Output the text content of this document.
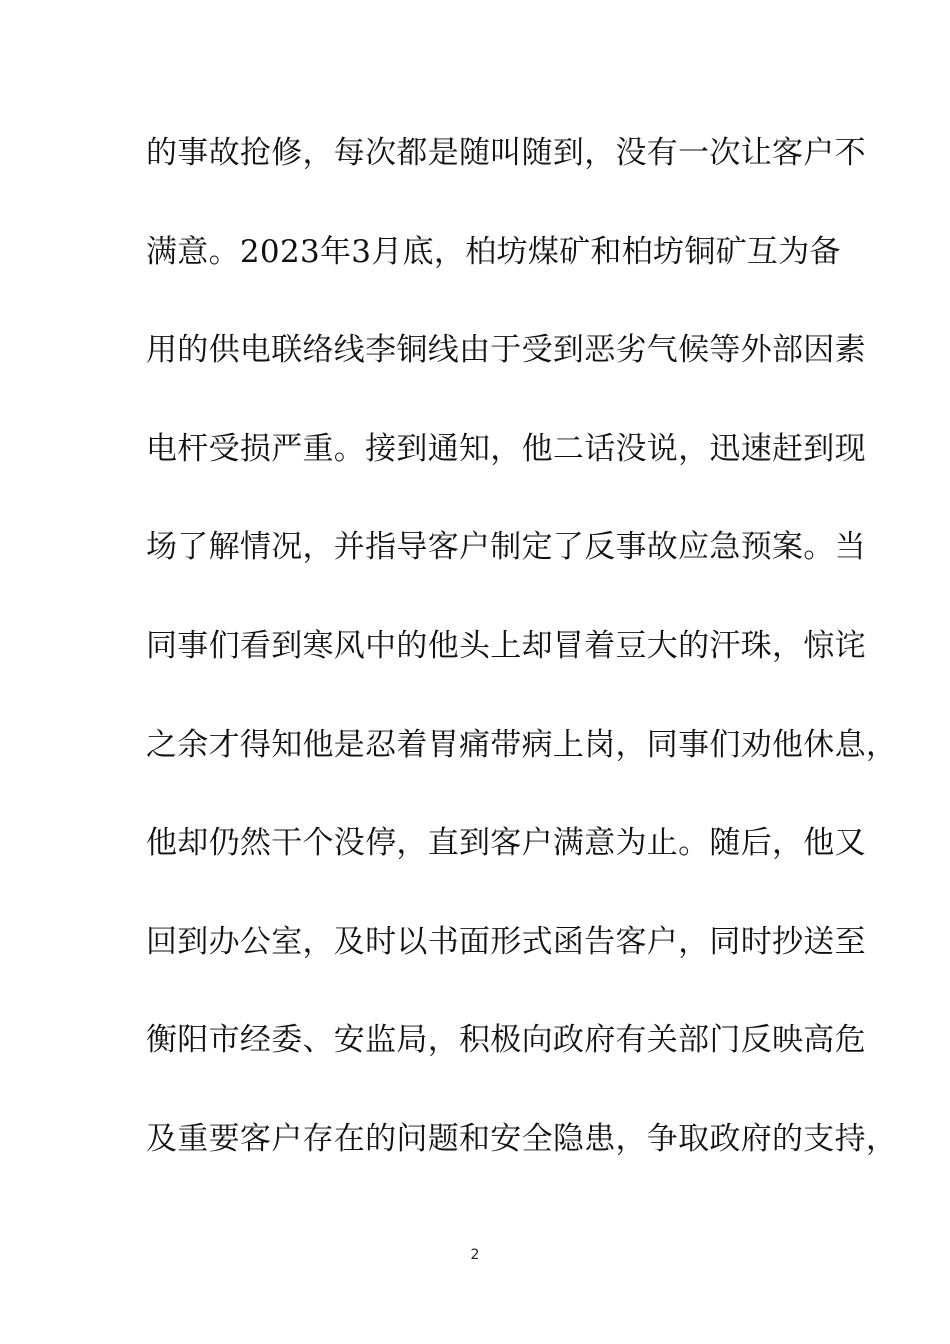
的事故抢修，每次都是随叫随到，没有一次让客户不
满意。2023年3月底，柏坊煤矿和柏坊铜矿互为备
用的供电联络线李铜线由于受到恶劣气候等外部因素
电杆受损严重。接到通知，他二话没说，迅速赶到现
场了解情况，并指导客户制定了反事故应急预案。当
同事们看到寒风中的他头上却冒着豆大的汗珠，惊诧
之余才得知他是忍着胃痛带病上岗，同事们劝他休息，
他却仍然干个没停，直到客户满意为止。随后，他又
回到办公室，及时以书面形式函告客户，同时抄送至
衡阳市经委、安监局，积极向政府有关部门反映高危
及重要客户存在的问题和安全隐患，争取政府的支持，
2
